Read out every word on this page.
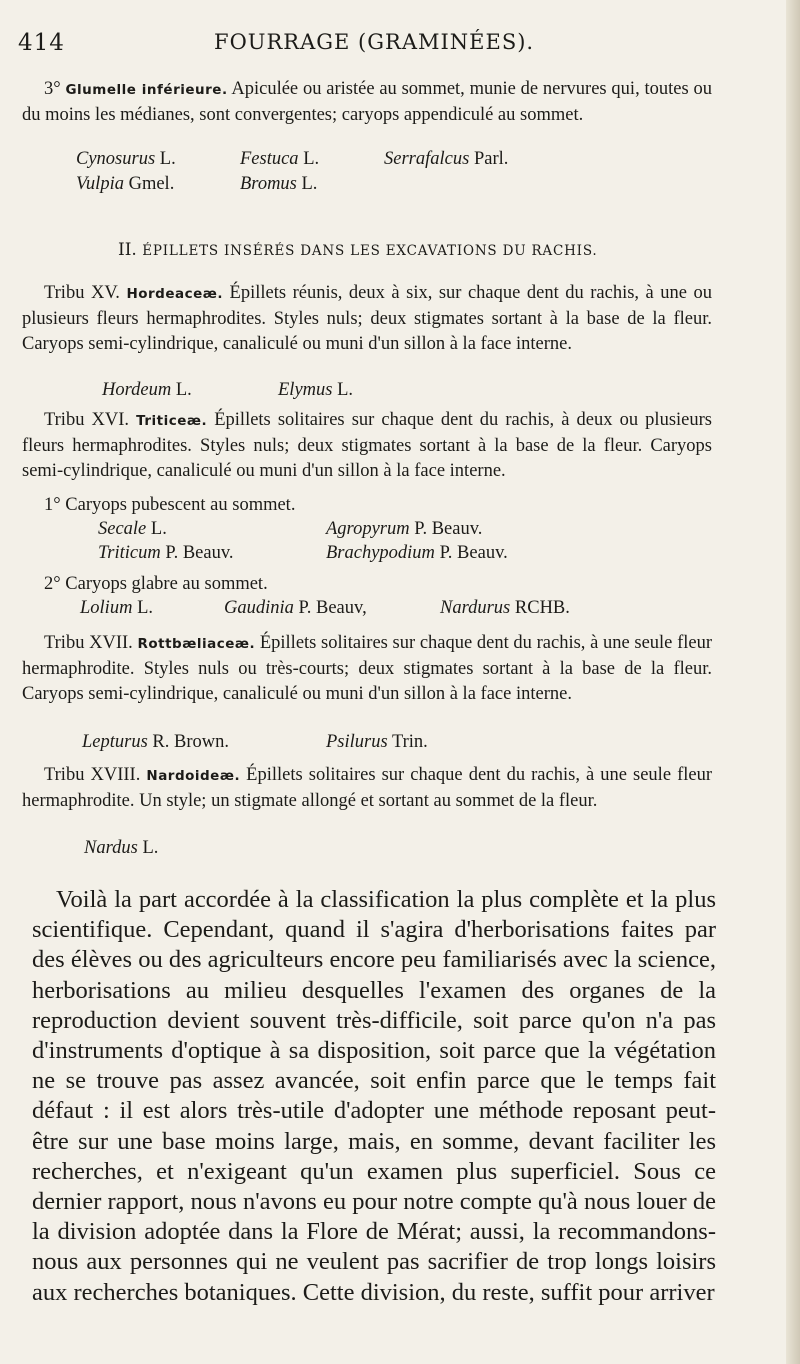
414	FOURRAGE (GRAMINÉES).

3° Glumelle inférieure. Apiculée ou aristée au sommet, munie de nervures qui, toutes ou du moins les médianes, sont convergentes; caryops appendiculé au sommet.

Cynosurus L.	Festuca L.	Serrafalcus Parl.
Vulpia Gmel.	Bromus L.
II. ÉPILLETS INSÉRÉS DANS LES EXCAVATIONS DU RACHIS.

Tribu XV. Hordeaceæ. Épillets réunis, deux à six, sur chaque dent du rachis, à une ou plusieurs fleurs hermaphrodites. Styles nuls; deux stigmates sortant à la base de la fleur. Caryops semi-cylindrique, canaliculé ou muni d'un sillon à la face interne.

Hordeum L.	Elymus L.

Tribu XVI. Triticeæ. Épillets solitaires sur chaque dent du rachis, à deux ou plusieurs fleurs hermaphrodites. Styles nuls; deux stigmates sortant à la base de la fleur. Caryops semi-cylindrique, canaliculé ou muni d'un sillon à la face interne.

1° Caryops pubescent au sommet.
Secale L.	Agropyrum P. Beauv.
Triticum P. Beauv.	Brachypodium P. Beauv.
2° Caryops glabre au sommet.
Lolium L.	Gaudinia P. Beauv,	Nardurus RCHB.

Tribu XVII. Rottbæliaceæ. Épillets solitaires sur chaque dent du rachis, à une seule fleur hermaphrodite. Styles nuls ou très-courts; deux stigmates sortant à la base de la fleur. Caryops semi-cylindrique, canaliculé ou muni d'un sillon à la face interne.

Lepturus R. Brown.	Psilurus Trin.

Tribu XVIII. Nardoideæ. Épillets solitaires sur chaque dent du rachis, à une seule fleur hermaphrodite. Un style; un stigmate allongé et sortant au sommet de la fleur.

Nardus L.

Voilà la part accordée à la classification la plus complète et la plus scientifique. Cependant, quand il s'agira d'herborisations faites par des élèves ou des agriculteurs encore peu familiarisés avec la science, herborisations au milieu desquelles l'examen des organes de la reproduction devient souvent très-difficile, soit parce qu'on n'a pas d'instruments d'optique à sa disposition, soit parce que la végétation ne se trouve pas assez avancée, soit enfin parce que le temps fait défaut : il est alors très-utile d'adopter une méthode reposant peut-être sur une base moins large, mais, en somme, devant faciliter les recherches, et n'exigeant qu'un examen plus superficiel. Sous ce dernier rapport, nous n'avons eu pour notre compte qu'à nous louer de la division adoptée dans la Flore de Mérat; aussi, la recommandons-nous aux personnes qui ne veulent pas sacrifier de trop longs loisirs aux recherches botaniques. Cette division, du reste, suffit pour arriver
